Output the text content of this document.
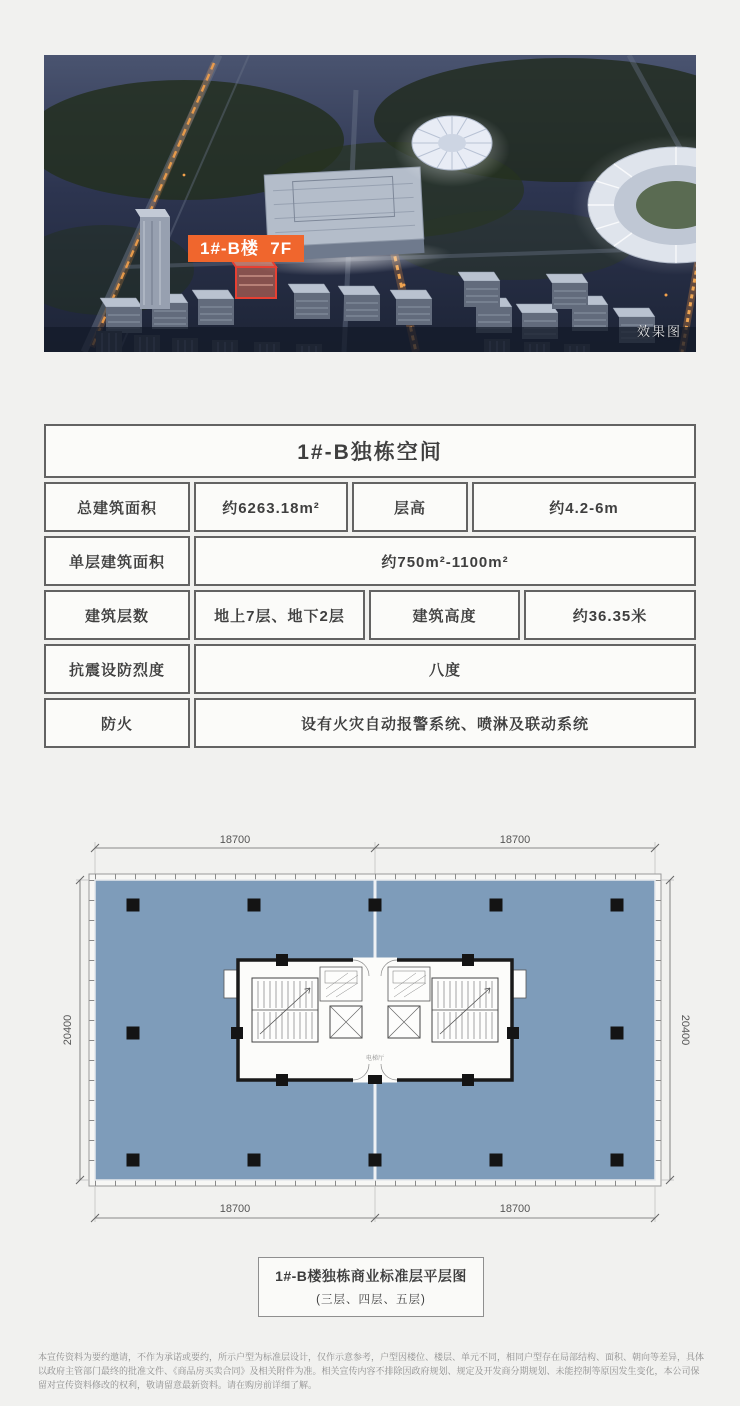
1#-B楼  7F
效果图
1#-B独栋空间
总建筑面积	约6263.18m²	层高	约4.2-6m
单层建筑面积	约750m²-1100m²
建筑层数	地上7层、地下2层	建筑高度	约36.35米
抗震设防烈度	八度
防火	设有火灾自动报警系统、喷淋及联动系统
18700	18700
电梯厅
20400	20400
18700	18700
1#-B楼独栋商业标准层平层图
(三层、四层、五层)

本宣传资料为要约邀请，不作为承诺或要约，所示户型为标准层设计，仅作示意参考，户型因楼位、楼层、单元不同，相同户型存在局部结构、面积、朝向等差异，具体以政府主管部门最终的批准文件、《商品房买卖合同》及相关附件为准。相关宣传内容不排除因政府规划、规定及开发商分期规划、未能控制等原因发生变化，本公司保留对宣传资料修改的权利，敬请留意最新资料。请在购房前详细了解。
